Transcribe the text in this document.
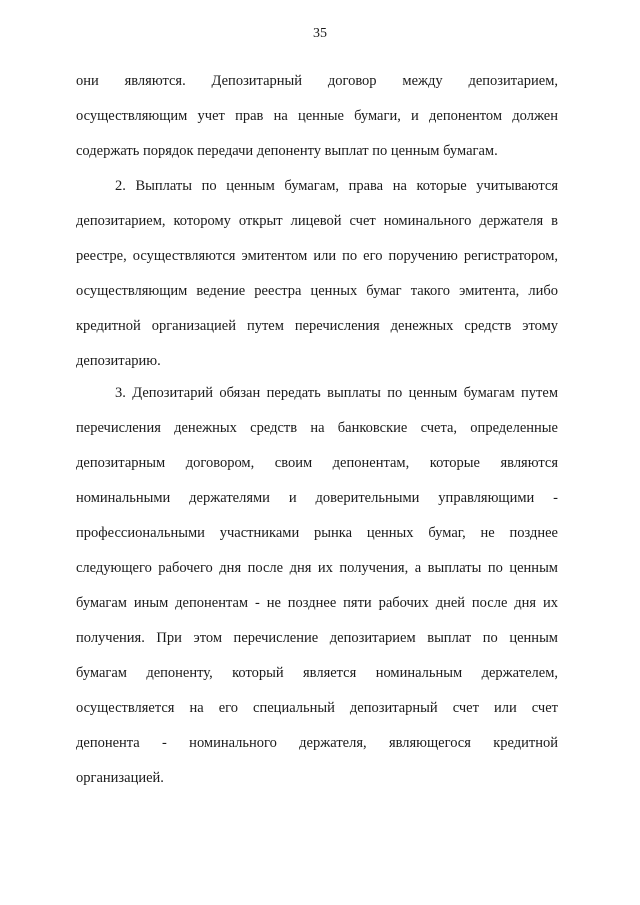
35
они являются. Депозитарный договор между депозитарием,
осуществляющим учет прав на ценные бумаги, и депонентом должен
содержать порядок передачи депоненту выплат по ценным бумагам.
2. Выплаты по ценным бумагам, права на которые учитываются
депозитарием, которому открыт лицевой счет номинального держателя в
реестре, осуществляются эмитентом или по его поручению регистратором,
осуществляющим ведение реестра ценных бумаг такого эмитента, либо
кредитной организацией путем перечисления денежных средств этому
депозитарию.
3. Депозитарий обязан передать выплаты по ценным бумагам путем
перечисления денежных средств на банковские счета, определенные
депозитарным договором, своим депонентам, которые являются
номинальными держателями и доверительными управляющими -
профессиональными участниками рынка ценных бумаг, не позднее
следующего рабочего дня после дня их получения, а выплаты по ценным
бумагам иным депонентам - не позднее пяти рабочих дней после дня их
получения. При этом перечисление депозитарием выплат по ценным
бумагам депоненту, который является номинальным держателем,
осуществляется на его специальный депозитарный счет или счет
депонента - номинального держателя, являющегося кредитной
организацией.
